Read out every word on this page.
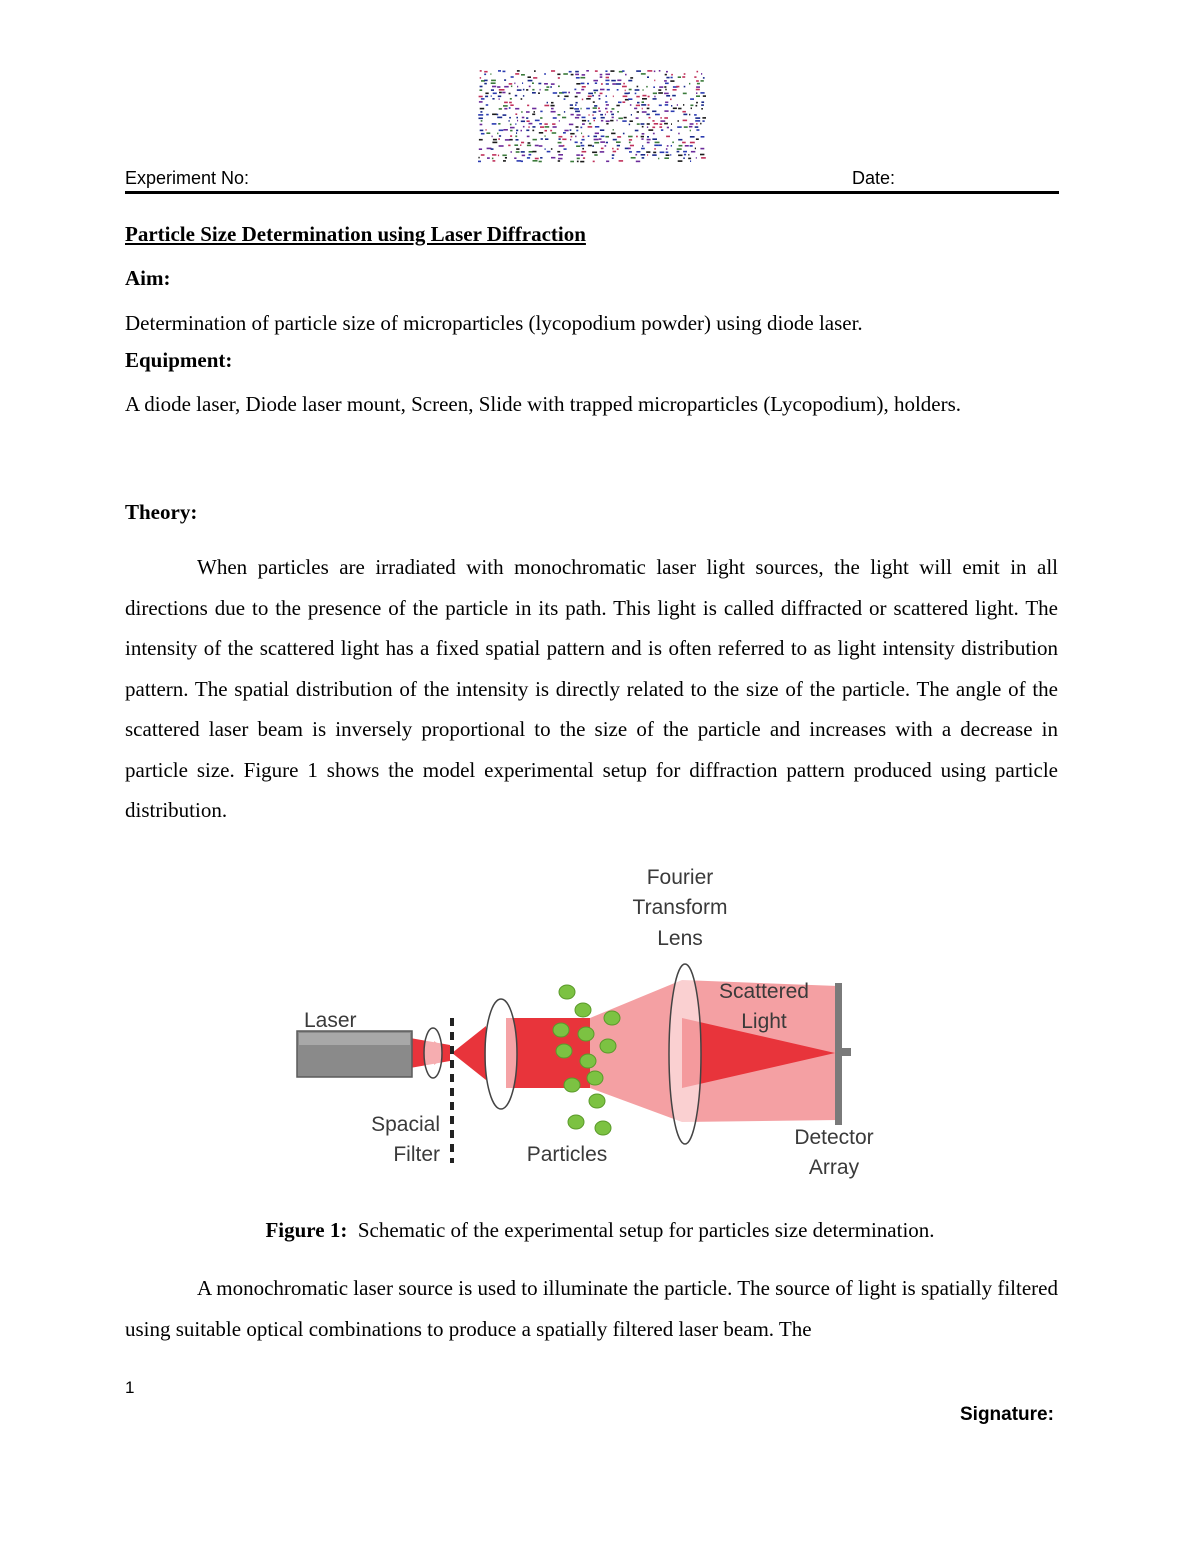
Experiment No:	Date:
Particle Size Determination using Laser Diffraction
Aim:
Determination of particle size of microparticles (lycopodium powder) using diode laser.
Equipment:
A diode laser, Diode laser mount, Screen, Slide with trapped microparticles (Lycopodium), holders.
Theory:

When particles are irradiated with monochromatic laser light sources, the light will emit in all directions due to the presence of the particle in its path. This light is called diffracted or scattered light. The intensity of the scattered light has a fixed spatial pattern and is often referred to as light intensity distribution pattern. The spatial distribution of the intensity is directly related to the size of the particle. The angle of the scattered laser beam is inversely proportional to the size of the particle and increases with a decrease in particle size. Figure 1 shows the model experimental setup for diffraction pattern produced using particle distribution.

Fourier
Transform
Lens
Laser
Scattered
Light
Spacial
Filter	Particles
Detector
Array
Figure 1: Schematic of the experimental setup for particles size determination.

A monochromatic laser source is used to illuminate the particle. The source of light is spatially filtered using suitable optical combinations to produce a spatially filtered laser beam. The

1
Signature:
